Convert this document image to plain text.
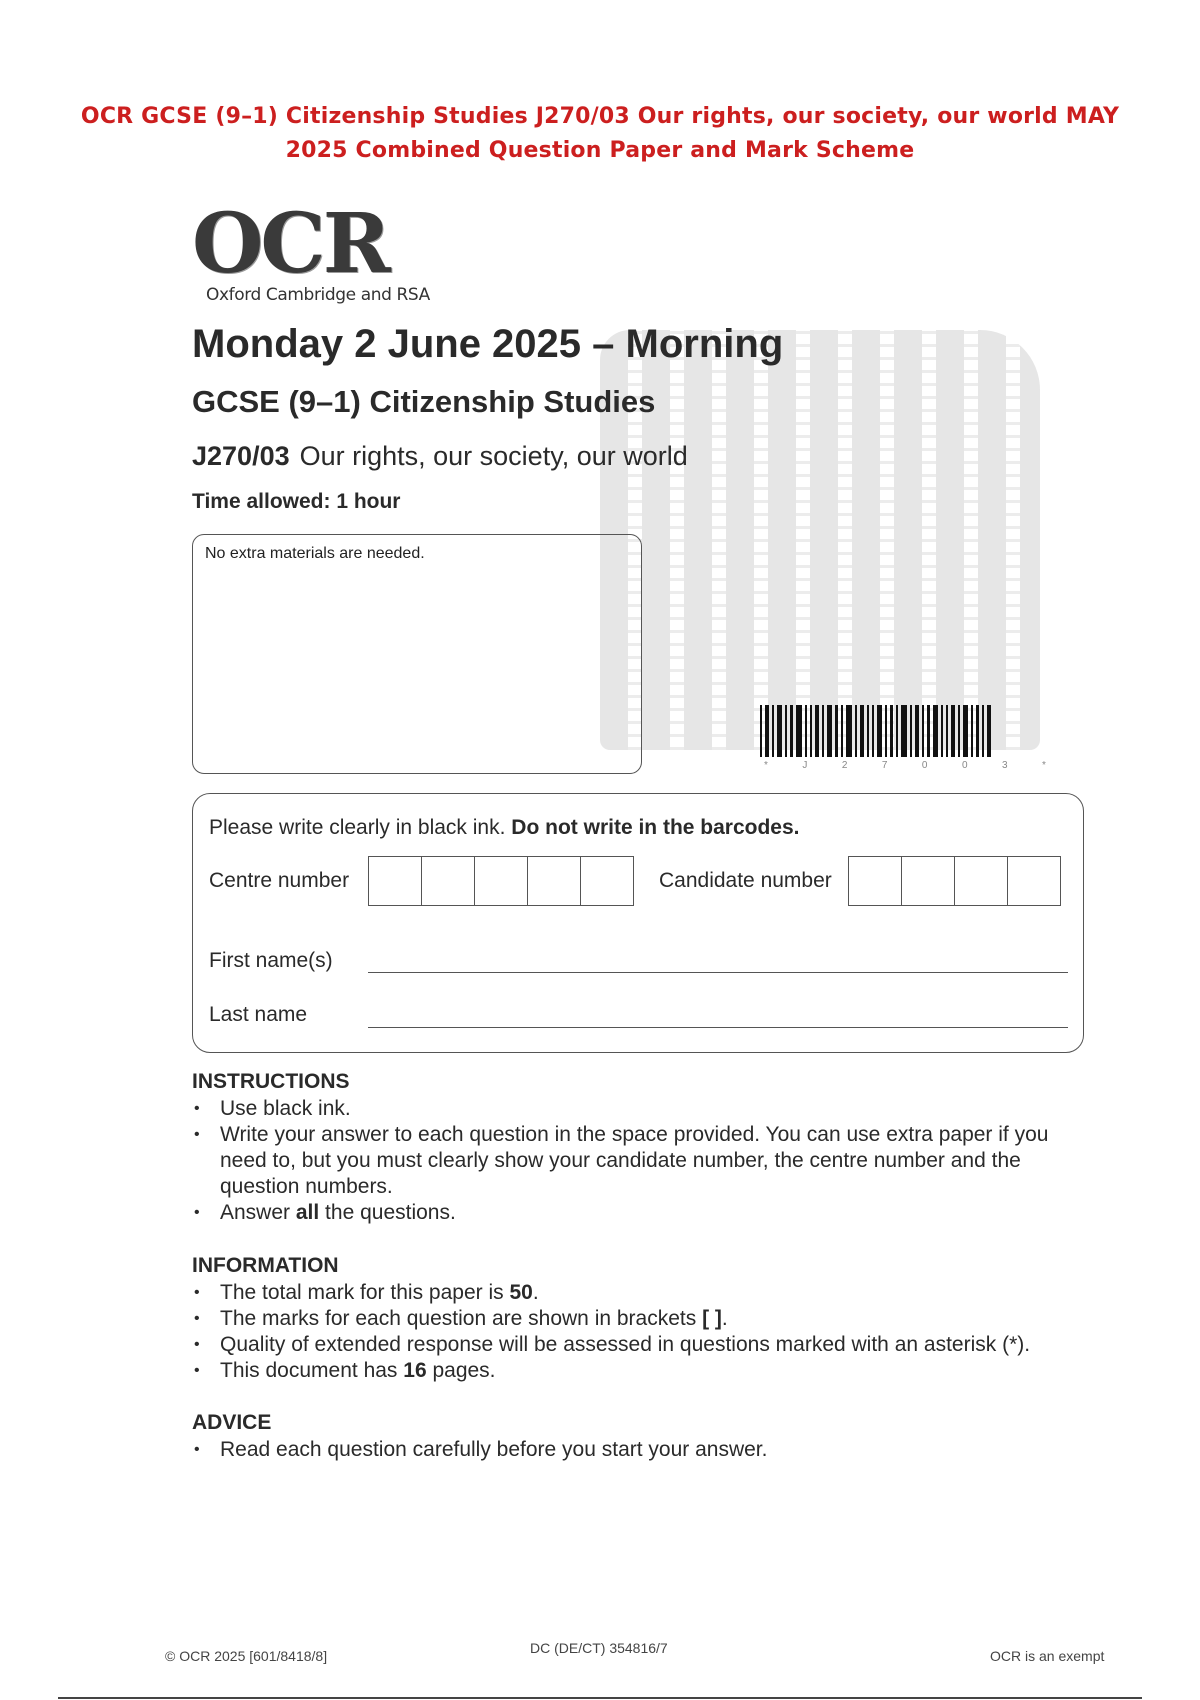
OCR GCSE (9–1) Citizenship Studies J270/03 Our rights, our society, our world MAY
2025 Combined Question Paper and Mark Scheme
OCR
Oxford Cambridge and RSA
Monday 2 June 2025 – Morning
GCSE (9–1) Citizenship Studies
J270/03 Our rights, our society, our world
Time allowed: 1 hour
No extra materials are needed.
*	J	2	7	0	0	3	*
Please write clearly in black ink. Do not write in the barcodes.
Centre number	Candidate number
First name(s)
Last name
INSTRUCTIONS
• Use black ink.
• Write your answer to each question in the space provided. You can use extra paper if you need to, but you must clearly show your candidate number, the centre number and the question numbers.
• Answer all the questions.
INFORMATION
• The total mark for this paper is 50.
• The marks for each question are shown in brackets [ ].
• Quality of extended response will be assessed in questions marked with an asterisk (*).
• This document has 16 pages.
ADVICE
• Read each question carefully before you start your answer.
© OCR 2025 [601/8418/8]	DC (DE/CT) 354816/7	OCR is an exempt
